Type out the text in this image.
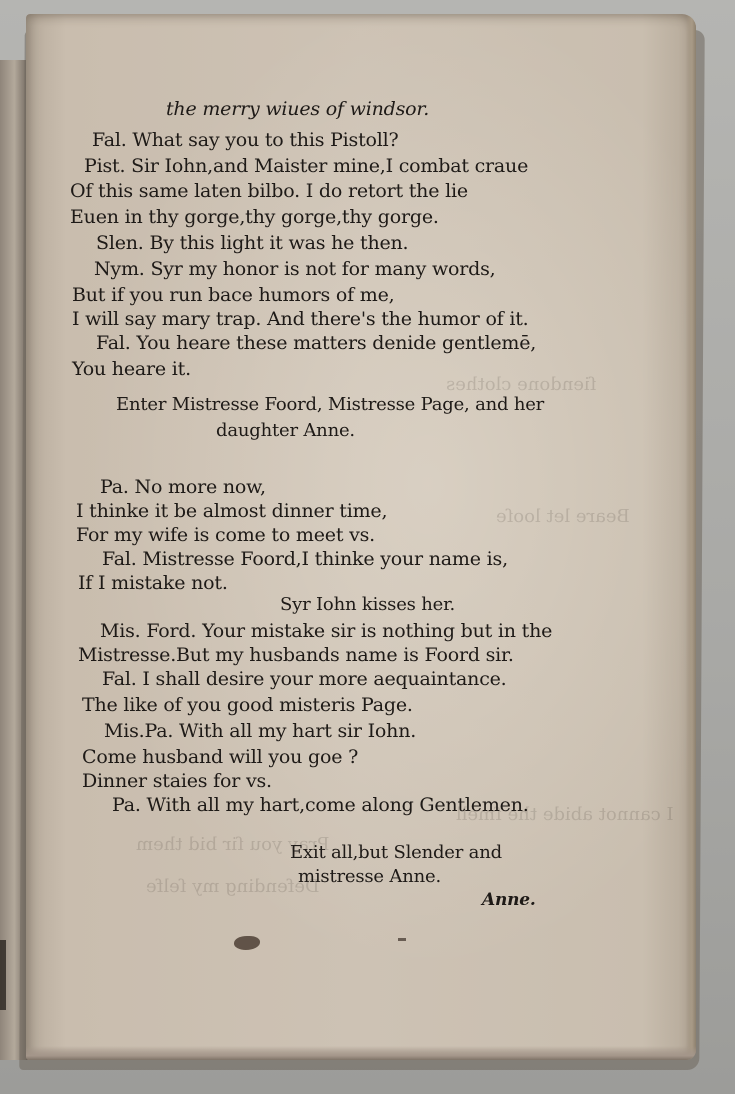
ſiendone clothes
Beare let looſe
I cannot abide the ſmell
Pray you ſir bid them
Defending my ſelfe
the merry wiues of windsor.
Fal. What say you to this Pistoll?
Pist. Sir Iohn,and Maister mine,I combat craue
Of this same laten bilbo. I do retort the lie
Euen in thy gorge,thy gorge,thy gorge.
Slen. By this light it was he then.
Nym. Syr my honor is not for many words,
But if you run bace humors of me,
I will say mary trap. And there's the humor of it.
Fal. You heare these matters denide gentlemē,
You heare it.
Enter Mistresse Foord, Mistresse Page, and her
daughter Anne.
Pa. No more now,
I thinke it be almost dinner time,
For my wife is come to meet vs.
Fal. Mistresse Foord,I thinke your name is,
If I mistake not.
Syr Iohn kisses her.
Mis. Ford. Your mistake sir is nothing but in the
Mistresse.But my husbands name is Foord sir.
Fal. I shall desire your more aequaintance.
The like of you good misteris Page.
Mis.Pa. With all my hart sir Iohn.
Come husband will you goe ?
Dinner staies for vs.
Pa. With all my hart,come along Gentlemen.
Exit all,but Slender and
mistresse Anne.
Anne.
